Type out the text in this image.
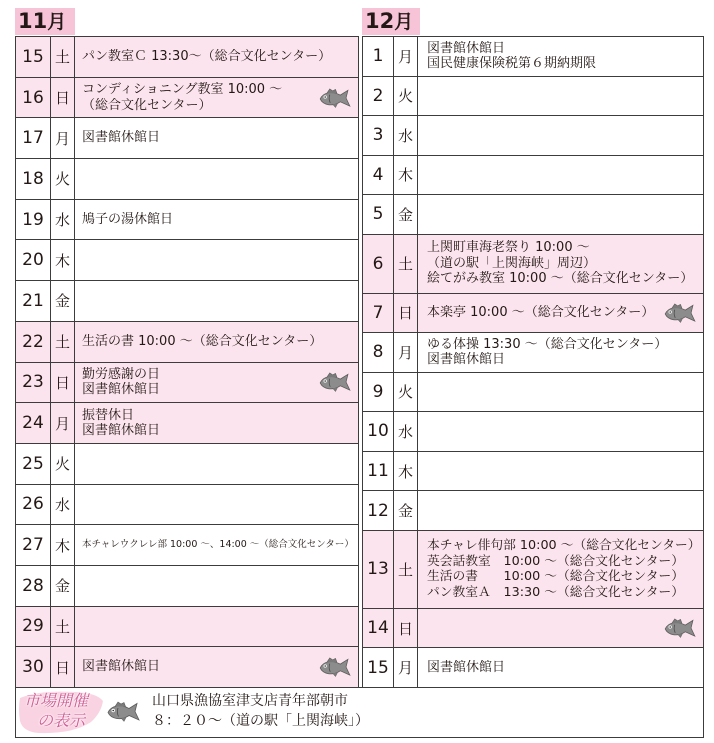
11月	12月
15 土 パン教室Ｃ 13:30～（総合文化センター）
16 日 コンディショニング教室 10:00 ～
（総合文化センター）
17 月 図書館休館日
18 火
19 水 鳩子の湯休館日
20 木
21 金
22 土 生活の書 10:00 ～（総合文化センター）
23 日 勤労感謝の日
図書館休館日
24 月 振替休日
図書館休館日
25 火
26 水
27 木	本チャレウクレレ部 10:00 ～、14:00 ～（総合文化センター）
28 金
29 土
30 日 図書館休館日
1 月	図書館休館日
国民健康保険税第６期納期限
2 火
3 水
4 木
5 金
6 土
上関町車海老祭り 10:00 ～
（道の駅「上関海峡」周辺）
絵てがみ教室 10:00 ～（総合文化センター）
7 日	本楽亭 10:00 ～（総合文化センター）
8 月	ゆる体操 13:30 ～（総合文化センター）
図書館休館日
9 火
10 水
11 木
12 金
13 土
本チャレ俳句部 10:00 ～（総合文化センター）
英会話教室　10:00 ～（総合文化センター）
生活の書　　10:00 ～（総合文化センター）
パン教室Ａ　13:30 ～（総合文化センター）
14 日
15 月	図書館休館日
市場開催
の表示
山口県漁協室津支店青年部朝市
８：２０～（道の駅「上関海峡」）
